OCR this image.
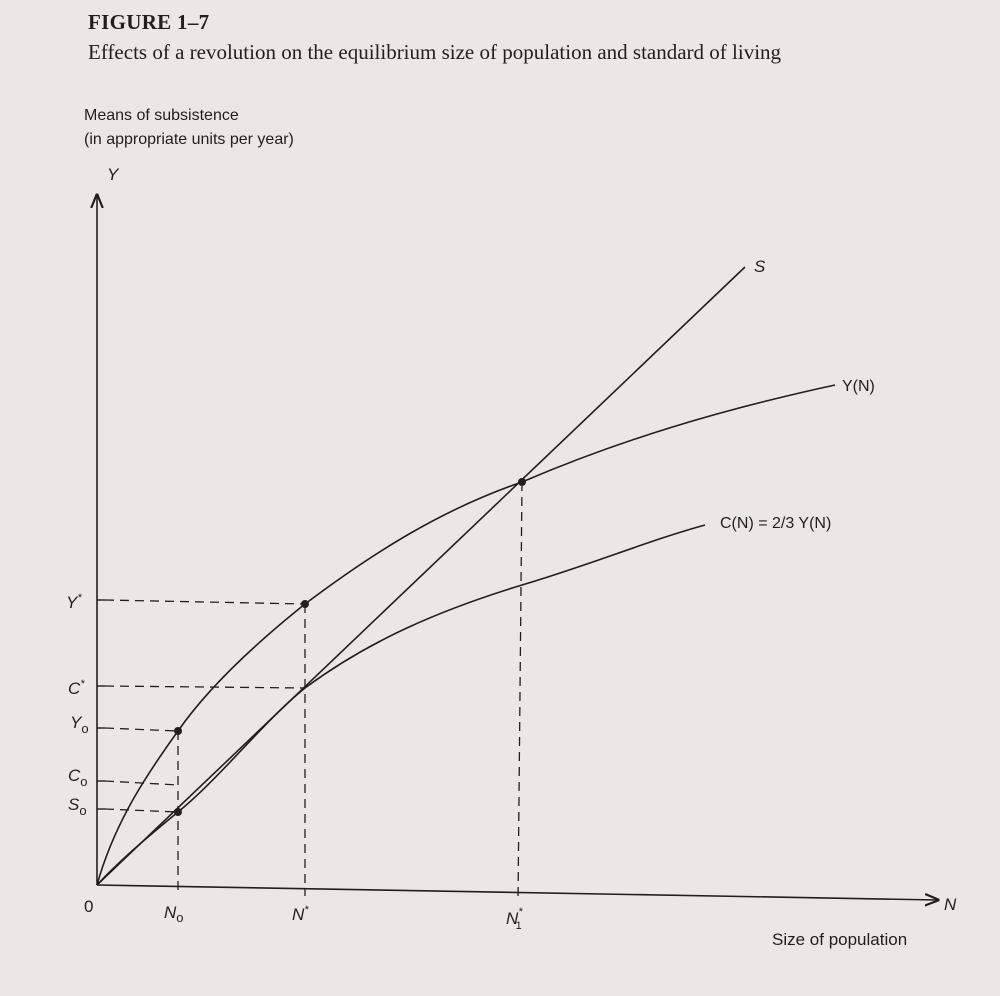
FIGURE 1–7
Effects of a revolution on the equilibrium size of population and standard of living
Means of subsistence
(in appropriate units per year)
Size of population
Y
N
0
Y*
C*
$Y_o$
$C_o$
$S_o$
$N_o$	N*	N* 1
S
Y(N)
C(N) = 2/3 Y(N)
